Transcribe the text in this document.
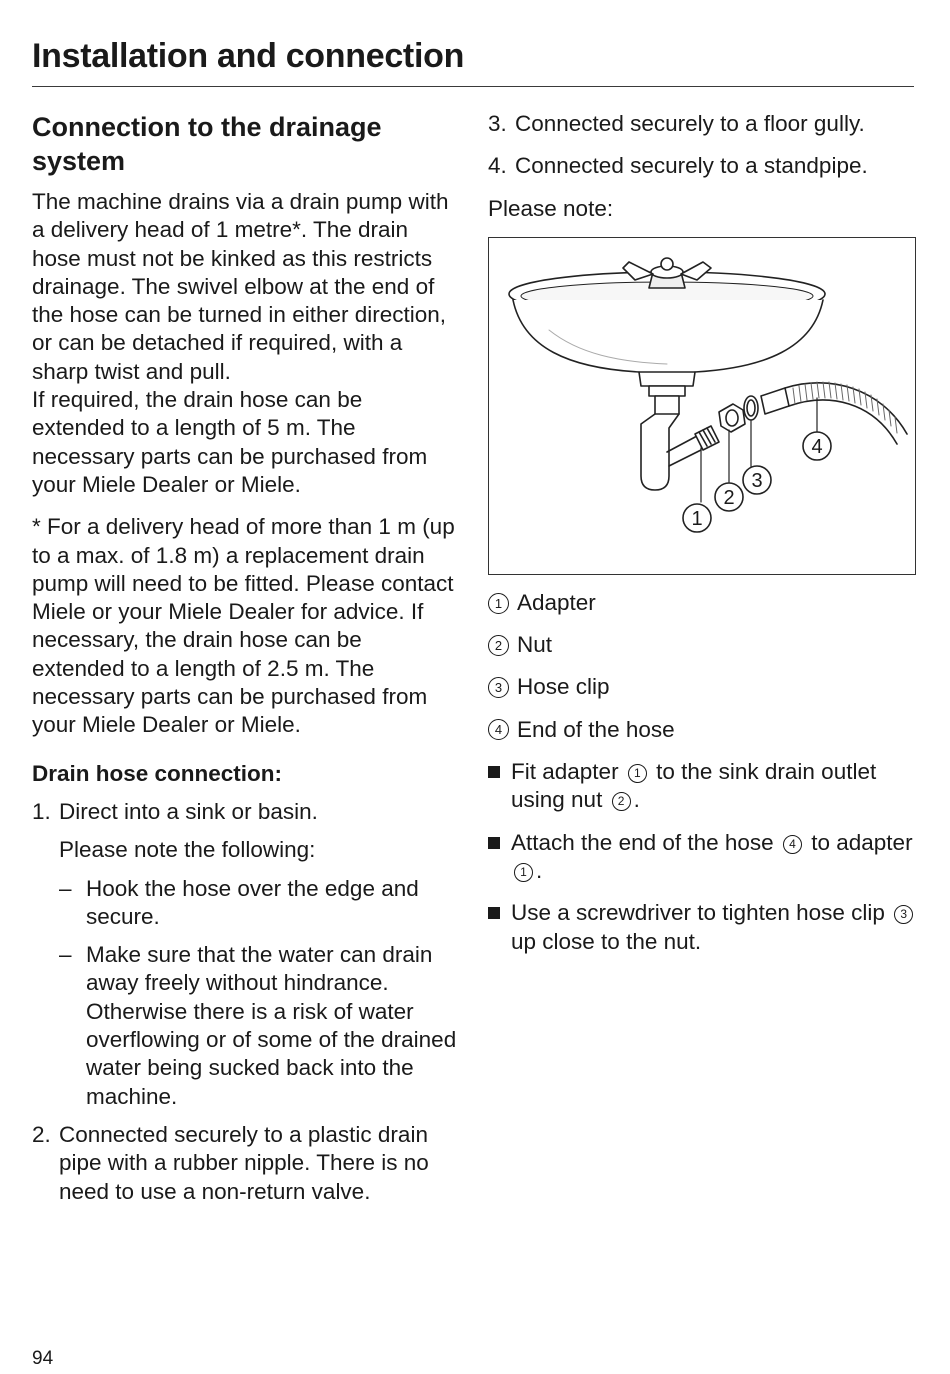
Installation and connection
Connection to the drainage system

The machine drains via a drain pump with a delivery head of 1 metre*. The drain hose must not be kinked as this restricts drainage. The swivel elbow at the end of the hose can be turned in either direction, or can be detached if required, with a sharp twist and pull.

If required, the drain hose can be extended to a length of 5 m. The necessary parts can be purchased from your Miele Dealer or Miele.

* For a delivery head of more than 1 m (up to a max. of 1.8 m) a replacement drain pump will need to be fitted. Please contact Miele or your Miele Dealer for advice. If necessary, the drain hose can be extended to a length of 2.5 m. The necessary parts can be purchased from your Miele Dealer or Miele.

Drain hose connection:
1. Direct into a sink or basin.

Please note the following:

– Hook the hose over the edge and secure.
– Make sure that the water can drain away freely without hindrance. Otherwise there is a risk of water overflowing or of some of the drained water being sucked back into the machine.
2. Connected securely to a plastic drain pipe with a rubber nipple. There is no need to use a non-return valve.
3. Connected securely to a floor gully.
4. Connected securely to a standpipe.

Please note:

1
2
3
4
1 Adapter
2 Nut
3 Hose clip
4 End of the hose
Fit adapter 1 to the sink drain outlet using nut 2 .
Attach the end of the hose 4 to adapter 1 .
Use a screwdriver to tighten hose clip 3 up close to the nut.
94
